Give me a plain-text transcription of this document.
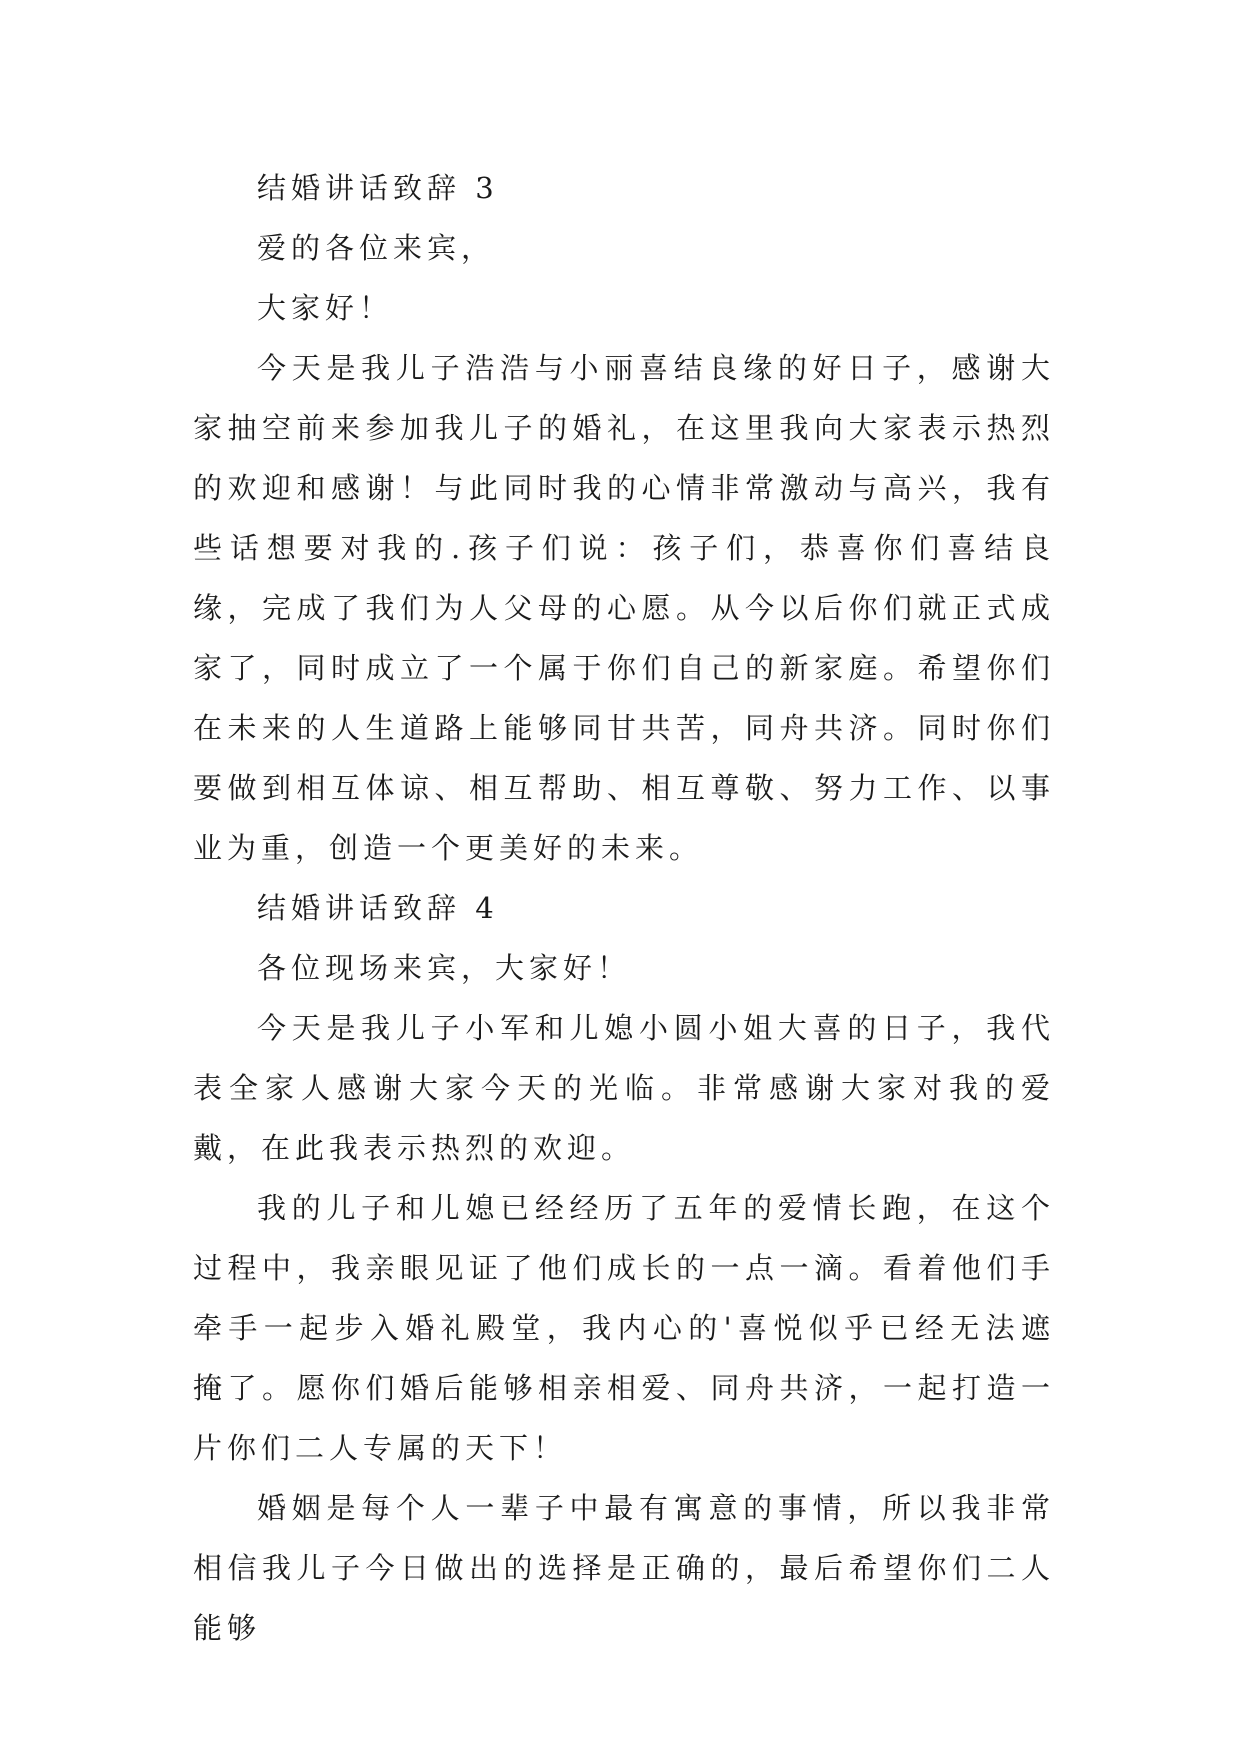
结婚讲话致辞 3

爱的各位来宾，

大家好！

今天是我儿子浩浩与小丽喜结良缘的好日子，感谢大家抽空前来参加我儿子的婚礼，在这里我向大家表示热烈的欢迎和感谢！与此同时我的心情非常激动与高兴，我有些话想要对我的.孩子们说：孩子们，恭喜你们喜结良缘，完成了我们为人父母的心愿。从今以后你们就正式成家了，同时成立了一个属于你们自己的新家庭。希望你们在未来的人生道路上能够同甘共苦，同舟共济。同时你们要做到相互体谅、相互帮助、相互尊敬、努力工作、以事业为重，创造一个更美好的未来。

结婚讲话致辞 4

各位现场来宾，大家好！

今天是我儿子小军和儿媳小圆小姐大喜的日子，我代表全家人感谢大家今天的光临。非常感谢大家对我的爱戴，在此我表示热烈的欢迎。

我的儿子和儿媳已经经历了五年的爱情长跑，在这个过程中，我亲眼见证了他们成长的一点一滴。看着他们手牵手一起步入婚礼殿堂，我内心的'喜悦似乎已经无法遮掩了。愿你们婚后能够相亲相爱、同舟共济，一起打造一片你们二人专属的天下！

婚姻是每个人一辈子中最有寓意的事情，所以我非常相信我儿子今日做出的选择是正确的，最后希望你们二人能够
